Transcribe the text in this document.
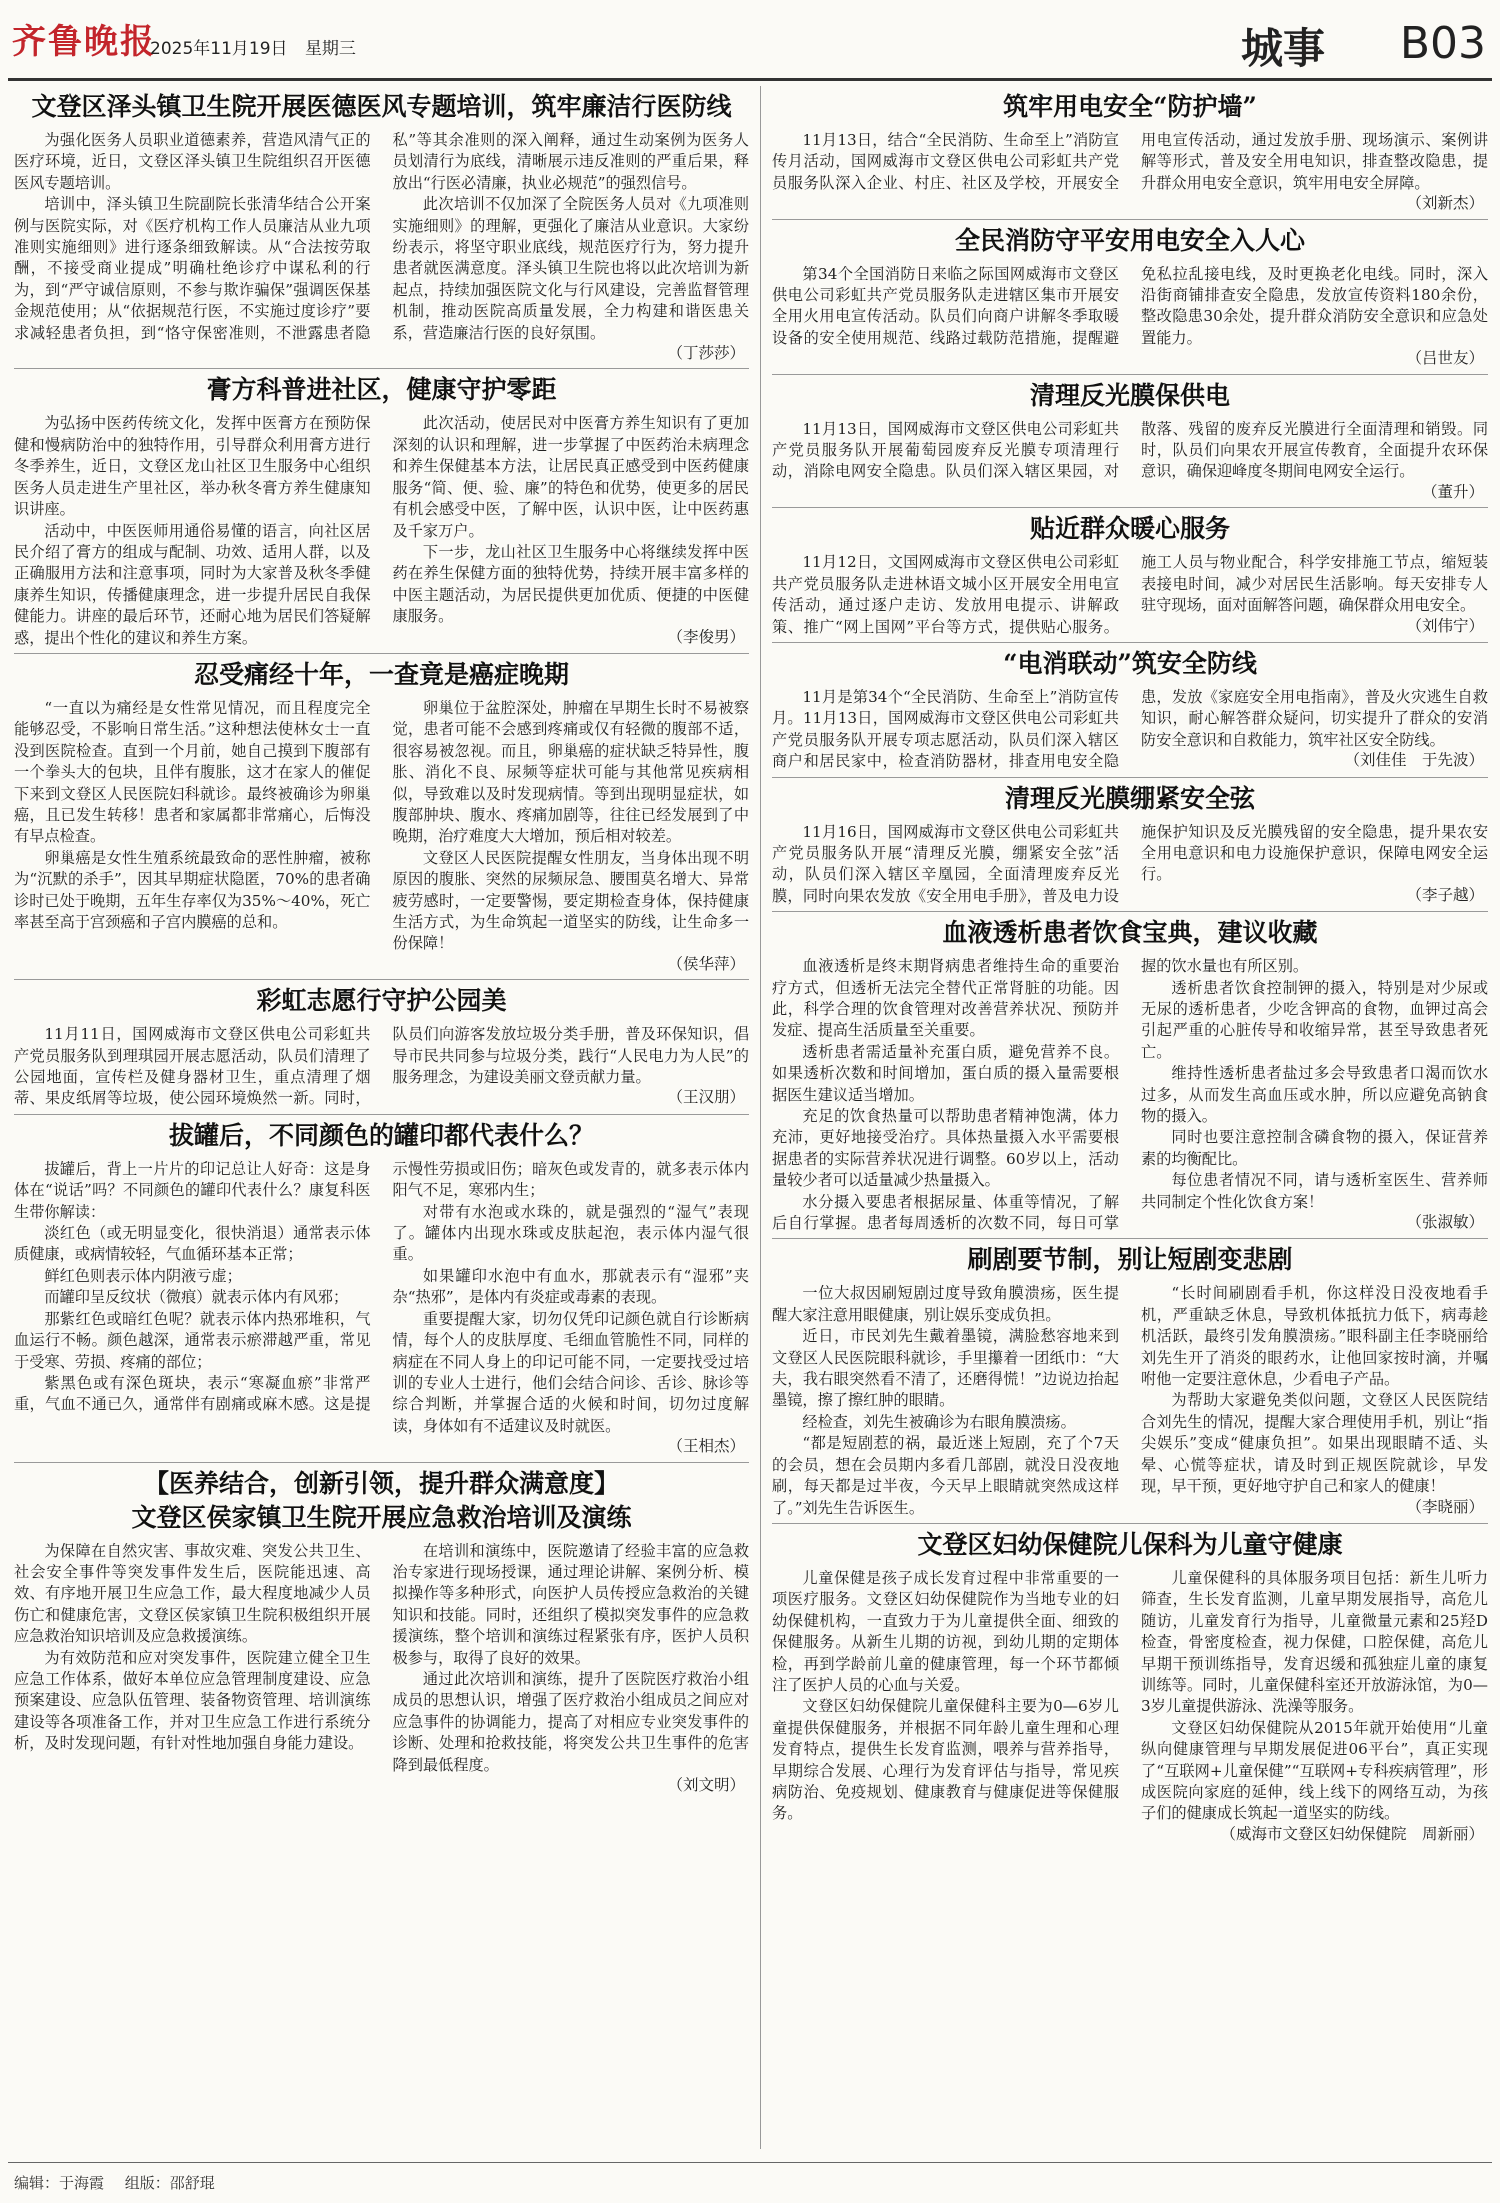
齐鲁晚报
2025年11月19日 星期三	城事 B03
文登区泽头镇卫生院开展医德医风专题培训，筑牢廉洁行医防线

为强化医务人员职业道德素养，营造风清气正的医疗环境，近日，文登区泽头镇卫生院组织召开医德医风专题培训。

培训中，泽头镇卫生院副院长张清华结合公开案例与医院实际，对《医疗机构工作人员廉洁从业九项准则实施细则》进行逐条细致解读。从“合法按劳取酬，不接受商业提成”明确杜绝诊疗中谋私利的行为，到“严守诚信原则，不参与欺诈骗保”强调医保基金规范使用；从“依据规范行医，不实施过度诊疗”要求减轻患者负担，到“恪守保密准则，不泄露患者隐私”等其余准则的深入阐释，通过生动案例为医务人员划清行为底线，清晰展示违反准则的严重后果，释放出“行医必清廉，执业必规范”的强烈信号。

此次培训不仅加深了全院医务人员对《九项准则实施细则》的理解，更强化了廉洁从业意识。大家纷纷表示，将坚守职业底线，规范医疗行为，努力提升患者就医满意度。泽头镇卫生院也将以此次培训为新起点，持续加强医院文化与行风建设，完善监督管理机制，推动医院高质量发展，全力构建和谐医患关系，营造廉洁行医的良好氛围。

（丁莎莎）
膏方科普进社区，健康守护零距

为弘扬中医药传统文化，发挥中医膏方在预防保健和慢病防治中的独特作用，引导群众利用膏方进行冬季养生，近日，文登区龙山社区卫生服务中心组织医务人员走进生产里社区，举办秋冬膏方养生健康知识讲座。

活动中，中医医师用通俗易懂的语言，向社区居民介绍了膏方的组成与配制、功效、适用人群，以及正确服用方法和注意事项，同时为大家普及秋冬季健康养生知识，传播健康理念，进一步提升居民自我保健能力。讲座的最后环节，还耐心地为居民们答疑解惑，提出个性化的建议和养生方案。

此次活动，使居民对中医膏方养生知识有了更加深刻的认识和理解，进一步掌握了中医药治未病理念和养生保健基本方法，让居民真正感受到中医药健康服务“简、便、验、廉”的特色和优势，使更多的居民有机会感受中医，了解中医，认识中医，让中医药惠及千家万户。

下一步，龙山社区卫生服务中心将继续发挥中医药在养生保健方面的独特优势，持续开展丰富多样的中医主题活动，为居民提供更加优质、便捷的中医健康服务。

（李俊男）
忍受痛经十年，一查竟是癌症晚期

“一直以为痛经是女性常见情况，而且程度完全能够忍受，不影响日常生活。”这种想法使林女士一直没到医院检查。直到一个月前，她自己摸到下腹部有一个拳头大的包块，且伴有腹胀，这才在家人的催促下来到文登区人民医院妇科就诊。最终被确诊为卵巢癌，且已发生转移！患者和家属都非常痛心，后悔没有早点检查。

卵巢癌是女性生殖系统最致命的恶性肿瘤，被称为“沉默的杀手”，因其早期症状隐匿，70%的患者确诊时已处于晚期，五年生存率仅为35%～40%，死亡率甚至高于宫颈癌和子宫内膜癌的总和。

卵巢位于盆腔深处，肿瘤在早期生长时不易被察觉，患者可能不会感到疼痛或仅有轻微的腹部不适，很容易被忽视。而且，卵巢癌的症状缺乏特异性，腹胀、消化不良、尿频等症状可能与其他常见疾病相似，导致难以及时发现病情。等到出现明显症状，如腹部肿块、腹水、疼痛加剧等，往往已经发展到了中晚期，治疗难度大大增加，预后相对较差。

文登区人民医院提醒女性朋友，当身体出现不明原因的腹胀、突然的尿频尿急、腰围莫名增大、异常疲劳感时，一定要警惕，要定期检查身体，保持健康生活方式，为生命筑起一道坚实的防线，让生命多一份保障！

（侯华萍）
彩虹志愿行守护公园美

11月11日，国网威海市文登区供电公司彩虹共产党员服务队到理琪园开展志愿活动，队员们清理了公园地面，宣传栏及健身器材卫生，重点清理了烟蒂、果皮纸屑等垃圾，使公园环境焕然一新。同时，队员们向游客发放垃圾分类手册，普及环保知识，倡导市民共同参与垃圾分类，践行“人民电力为人民”的服务理念，为建设美丽文登贡献力量。

（王汉朋）
拔罐后，不同颜色的罐印都代表什么？

拔罐后，背上一片片的印记总让人好奇：这是身体在“说话”吗？不同颜色的罐印代表什么？康复科医生带你解读：

淡红色（或无明显变化，很快消退）通常表示体质健康，或病情较轻，气血循环基本正常；

鲜红色则表示体内阴液亏虚；

而罐印呈反纹状（微痕）就表示体内有风邪；

那紫红色或暗红色呢？就表示体内热邪堆积，气血运行不畅。颜色越深，通常表示瘀滞越严重，常见于受寒、劳损、疼痛的部位；

紫黑色或有深色斑块，表示“寒凝血瘀”非常严重，气血不通已久，通常伴有剧痛或麻木感。这是提示慢性劳损或旧伤；暗灰色或发青的，就多表示体内阳气不足，寒邪内生；

对带有水泡或水珠的，就是强烈的“湿气”表现了。罐体内出现水珠或皮肤起泡，表示体内湿气很重。

如果罐印水泡中有血水，那就表示有“湿邪”夹杂“热邪”，是体内有炎症或毒素的表现。

重要提醒大家，切勿仅凭印记颜色就自行诊断病情，每个人的皮肤厚度、毛细血管脆性不同，同样的病症在不同人身上的印记可能不同，一定要找受过培训的专业人士进行，他们会结合问诊、舌诊、脉诊等综合判断，并掌握合适的火候和时间，切勿过度解读，身体如有不适建议及时就医。

（王相杰）
【医养结合，创新引领，提升群众满意度】
文登区侯家镇卫生院开展应急救治培训及演练

为保障在自然灾害、事故灾难、突发公共卫生、社会安全事件等突发事件发生后，医院能迅速、高效、有序地开展卫生应急工作，最大程度地减少人员伤亡和健康危害，文登区侯家镇卫生院积极组织开展应急救治知识培训及应急救援演练。

为有效防范和应对突发事件，医院建立健全卫生应急工作体系，做好本单位应急管理制度建设、应急预案建设、应急队伍管理、装备物资管理、培训演练建设等各项准备工作，并对卫生应急工作进行系统分析，及时发现问题，有针对性地加强自身能力建设。

在培训和演练中，医院邀请了经验丰富的应急救治专家进行现场授课，通过理论讲解、案例分析、模拟操作等多种形式，向医护人员传授应急救治的关键知识和技能。同时，还组织了模拟突发事件的应急救援演练，整个培训和演练过程紧张有序，医护人员积极参与，取得了良好的效果。

通过此次培训和演练，提升了医院医疗救治小组成员的思想认识，增强了医疗救治小组成员之间应对应急事件的协调能力，提高了对相应专业突发事件的诊断、处理和抢救技能，将突发公共卫生事件的危害降到最低程度。

（刘文明）
筑牢用电安全“防护墙”

11月13日，结合“全民消防、生命至上”消防宣传月活动，国网威海市文登区供电公司彩虹共产党员服务队深入企业、村庄、社区及学校，开展安全用电宣传活动，通过发放手册、现场演示、案例讲解等形式，普及安全用电知识，排查整改隐患，提升群众用电安全意识，筑牢用电安全屏障。

（刘新杰）
全民消防守平安用电安全入人心

第34个全国消防日来临之际国网威海市文登区供电公司彩虹共产党员服务队走进辖区集市开展安全用火用电宣传活动。队员们向商户讲解冬季取暖设备的安全使用规范、线路过载防范措施，提醒避免私拉乱接电线，及时更换老化电线。同时，深入沿街商铺排查安全隐患，发放宣传资料180余份，整改隐患30余处，提升群众消防安全意识和应急处置能力。

（吕世友）
清理反光膜保供电

11月13日，国网威海市文登区供电公司彩虹共产党员服务队开展葡萄园废弃反光膜专项清理行动，消除电网安全隐患。队员们深入辖区果园，对散落、残留的废弃反光膜进行全面清理和销毁。同时，队员们向果农开展宣传教育，全面提升农环保意识，确保迎峰度冬期间电网安全运行。

（董升）
贴近群众暖心服务

11月12日，文国网威海市文登区供电公司彩虹共产党员服务队走进林语文城小区开展安全用电宣传活动，通过逐户走访、发放用电提示、讲解政策、推广“网上国网”平台等方式，提供贴心服务。施工人员与物业配合，科学安排施工节点，缩短装表接电时间，减少对居民生活影响。每天安排专人驻守现场，面对面解答问题，确保群众用电安全。

（刘伟宁）
“电消联动”筑安全防线

11月是第34个“全民消防、生命至上”消防宣传月。11月13日，国网威海市文登区供电公司彩虹共产党员服务队开展专项志愿活动，队员们深入辖区商户和居民家中，检查消防器材，排查用电安全隐患，发放《家庭安全用电指南》，普及火灾逃生自救知识，耐心解答群众疑问，切实提升了群众的安消防安全意识和自救能力，筑牢社区安全防线。

（刘佳佳　于先波）
清理反光膜绷紧安全弦

11月16日，国网威海市文登区供电公司彩虹共产党员服务队开展“清理反光膜，绷紧安全弦”活动，队员们深入辖区辛凰园，全面清理废弃反光膜，同时向果农发放《安全用电手册》，普及电力设施保护知识及反光膜残留的安全隐患，提升果农安全用电意识和电力设施保护意识，保障电网安全运行。

（李子越）
血液透析患者饮食宝典，建议收藏

血液透析是终末期肾病患者维持生命的重要治疗方式，但透析无法完全替代正常肾脏的功能。因此，科学合理的饮食管理对改善营养状况、预防并发症、提高生活质量至关重要。

透析患者需适量补充蛋白质，避免营养不良。如果透析次数和时间增加，蛋白质的摄入量需要根据医生建议适当增加。

充足的饮食热量可以帮助患者精神饱满，体力充沛，更好地接受治疗。具体热量摄入水平需要根据患者的实际营养状况进行调整。60岁以上，活动量较少者可以适量减少热量摄入。

水分摄入要患者根据尿量、体重等情况，了解后自行掌握。患者每周透析的次数不同，每日可掌握的饮水量也有所区别。

透析患者饮食控制钾的摄入，特别是对少尿或无尿的透析患者，少吃含钾高的食物，血钾过高会引起严重的心脏传导和收缩异常，甚至导致患者死亡。

维持性透析患者盐过多会导致患者口渴而饮水过多，从而发生高血压或水肿，所以应避免高钠食物的摄入。

同时也要注意控制含磷食物的摄入，保证营养素的均衡配比。

每位患者情况不同，请与透析室医生、营养师共同制定个性化饮食方案！

（张淑敏）
刷剧要节制，别让短剧变悲剧

一位大叔因刷短剧过度导致角膜溃疡，医生提醒大家注意用眼健康，别让娱乐变成负担。

近日，市民刘先生戴着墨镜，满脸愁容地来到文登区人民医院眼科就诊，手里攥着一团纸巾：“大夫，我右眼突然看不清了，还磨得慌！”边说边抬起墨镜，擦了擦红肿的眼睛。

经检查，刘先生被确诊为右眼角膜溃疡。

“都是短剧惹的祸，最近迷上短剧，充了个7天的会员，想在会员期内多看几部剧，就没日没夜地刷，每天都是过半夜，今天早上眼睛就突然成这样了。”刘先生告诉医生。

“长时间刷剧看手机，你这样没日没夜地看手机，严重缺乏休息，导致机体抵抗力低下，病毒趁机活跃，最终引发角膜溃疡。”眼科副主任李晓丽给刘先生开了消炎的眼药水，让他回家按时滴，并嘱咐他一定要注意休息，少看电子产品。

为帮助大家避免类似问题，文登区人民医院结合刘先生的情况，提醒大家合理使用手机，别让“指尖娱乐”变成“健康负担”。如果出现眼睛不适、头晕、心慌等症状，请及时到正规医院就诊，早发现，早干预，更好地守护自己和家人的健康！

（李晓丽）
文登区妇幼保健院儿保科为儿童守健康

儿童保健是孩子成长发育过程中非常重要的一项医疗服务。文登区妇幼保健院作为当地专业的妇幼保健机构，一直致力于为儿童提供全面、细致的保健服务。从新生儿期的访视，到幼儿期的定期体检，再到学龄前儿童的健康管理，每一个环节都倾注了医护人员的心血与关爱。

文登区妇幼保健院儿童保健科主要为0—6岁儿童提供保健服务，并根据不同年龄儿童生理和心理发育特点，提供生长发育监测，喂养与营养指导，早期综合发展、心理行为发育评估与指导，常见疾病防治、免疫规划、健康教育与健康促进等保健服务。

儿童保健科的具体服务项目包括：新生儿听力筛查，生长发育监测，儿童早期发展指导，高危儿随访，儿童发育行为指导，儿童微量元素和25羟D检查，骨密度检查，视力保健，口腔保健，高危儿早期干预训练指导，发育迟缓和孤独症儿童的康复训练等。同时，儿童保健科室还开放游泳馆，为0—3岁儿童提供游泳、洗澡等服务。

文登区妇幼保健院从2015年就开始使用“儿童纵向健康管理与早期发展促进06平台”，真正实现了“互联网+儿童保健”“互联网+专科疾病管理”，形成医院向家庭的延伸，线上线下的网络互动，为孩子们的健康成长筑起一道坚实的防线。

（威海市文登区妇幼保健院　周新丽）
编辑：于海霞 组版：邵舒琨
